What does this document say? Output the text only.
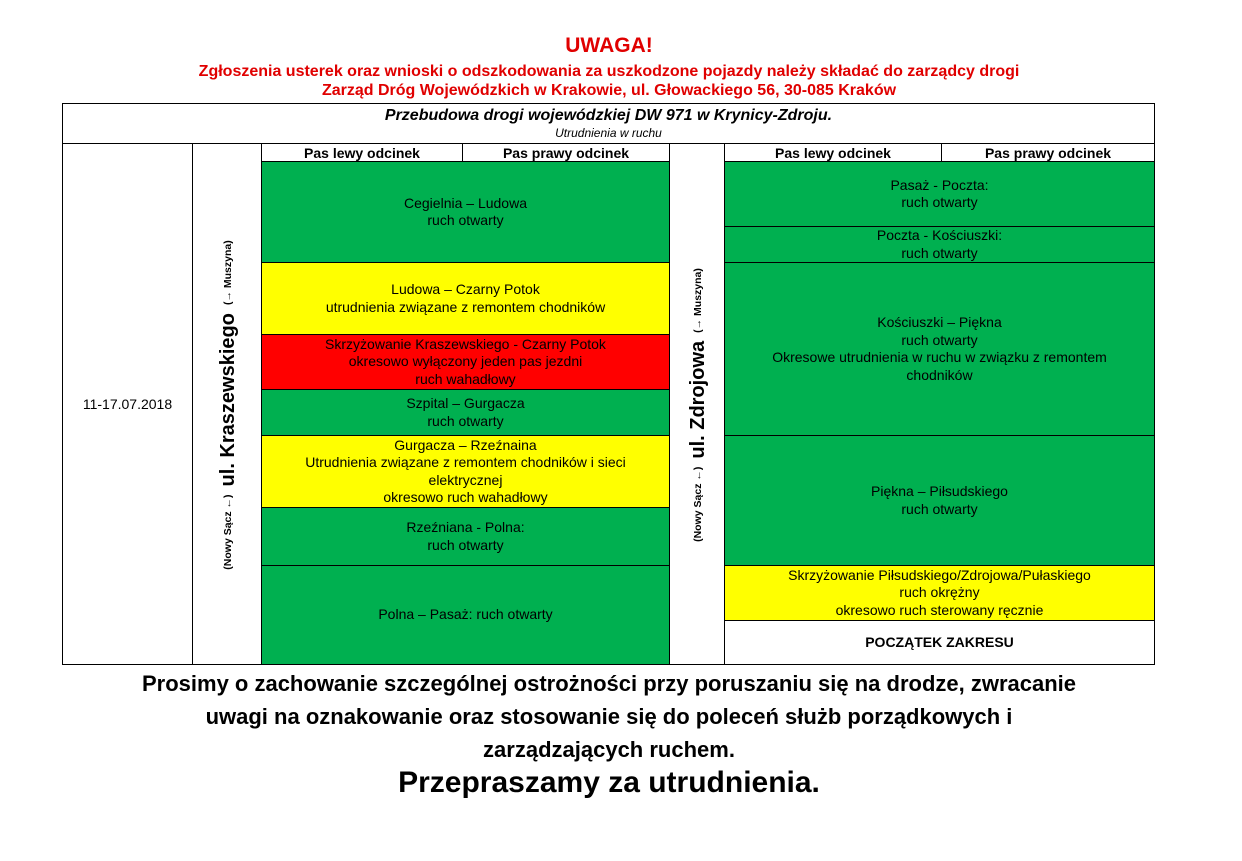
UWAGA!
Zgłoszenia usterek oraz wnioski o odszkodowania za uszkodzone pojazdy należy składać do zarządcy drogi
Zarząd Dróg Wojewódzkich w Krakowie, ul. Głowackiego 56, 30-085 Kraków
Przebudowa drogi wojewódzkiej DW 971 w Krynicy-Zdroju.
Utrudnienia w ruchu
11-17.07.2018
(Nowy Sącz ←)
ul. Kraszewskiego
(→ Muszyna)
Pas lewy odcinek	Pas prawy odcinek
Cegielnia – Ludowa
ruch otwarty
Ludowa – Czarny Potok
utrudnienia związane z remontem chodników
Skrzyżowanie Kraszewskiego - Czarny Potok
okresowo wyłączony jeden pas jezdni
ruch wahadłowy
Szpital – Gurgacza
ruch otwarty
Gurgacza – Rzeźnaina
Utrudnienia związane z remontem chodników i sieci
elektrycznej
okresowo ruch wahadłowy
Rzeźniana - Polna:
ruch otwarty
Polna – Pasaż: ruch otwarty
(Nowy Sącz ←)
ul. Zdrojowa
(→ Muszyna)
Pas lewy odcinek	Pas prawy odcinek
Pasaż - Poczta:
ruch otwarty
Poczta - Kościuszki:
ruch otwarty
Kościuszki – Piękna
ruch otwarty
Okresowe utrudnienia w ruchu w związku z remontem
chodników
Piękna – Piłsudskiego
ruch otwarty
Skrzyżowanie Piłsudskiego/Zdrojowa/Pułaskiego
ruch okrężny
okresowo ruch sterowany ręcznie
POCZĄTEK ZAKRESU
Prosimy o zachowanie szczególnej ostrożności przy poruszaniu się na drodze, zwracanie
uwagi na oznakowanie oraz stosowanie się do poleceń służb porządkowych i
zarządzających ruchem.
Przepraszamy za utrudnienia.
